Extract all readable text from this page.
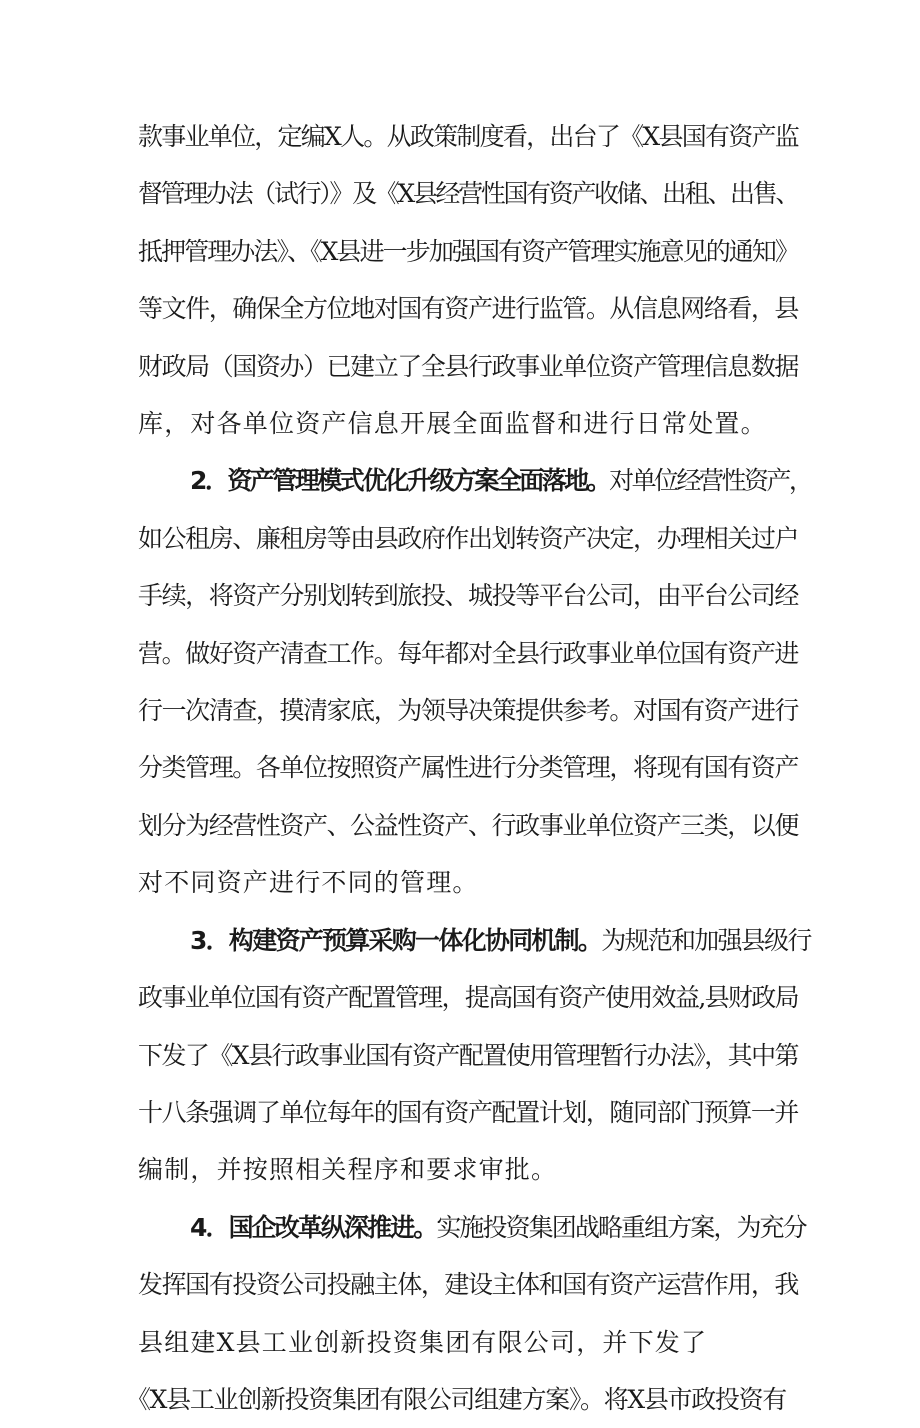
款事业单位，定编X人。从政策制度看，出台了《X县国有资产监
督管理办法（试行）》及《X县经营性国有资产收储、出租、出售、
抵押管理办法》、《X县进一步加强国有资产管理实施意见的通知》
等文件，确保全方位地对国有资产进行监管。从信息网络看，县
财政局（国资办）已建立了全县行政事业单位资产管理信息数据
库，对各单位资产信息开展全面监督和进行日常处置。

2．资产管理模式优化升级方案全面落地。对单位经营性资产，
如公租房、廉租房等由县政府作出划转资产决定，办理相关过户
手续，将资产分别划转到旅投、城投等平台公司，由平台公司经
营。做好资产清查工作。每年都对全县行政事业单位国有资产进
行一次清查，摸清家底，为领导决策提供参考。对国有资产进行
分类管理。各单位按照资产属性进行分类管理，将现有国有资产
划分为经营性资产、公益性资产、行政事业单位资产三类，以便
对不同资产进行不同的管理。

3．构建资产预算采购一体化协同机制。为规范和加强县级行
政事业单位国有资产配置管理，提高国有资产使用效益,县财政局
下发了《X县行政事业国有资产配置使用管理暂行办法》，其中第
十八条强调了单位每年的国有资产配置计划，随同部门预算一并
编制，并按照相关程序和要求审批。

4．国企改革纵深推进。实施投资集团战略重组方案，为充分
发挥国有投资公司投融主体，建设主体和国有资产运营作用，我
县组建X县工业创新投资集团有限公司，并下发了
《X县工业创新投资集团有限公司组建方案》。将X县市政投资有
